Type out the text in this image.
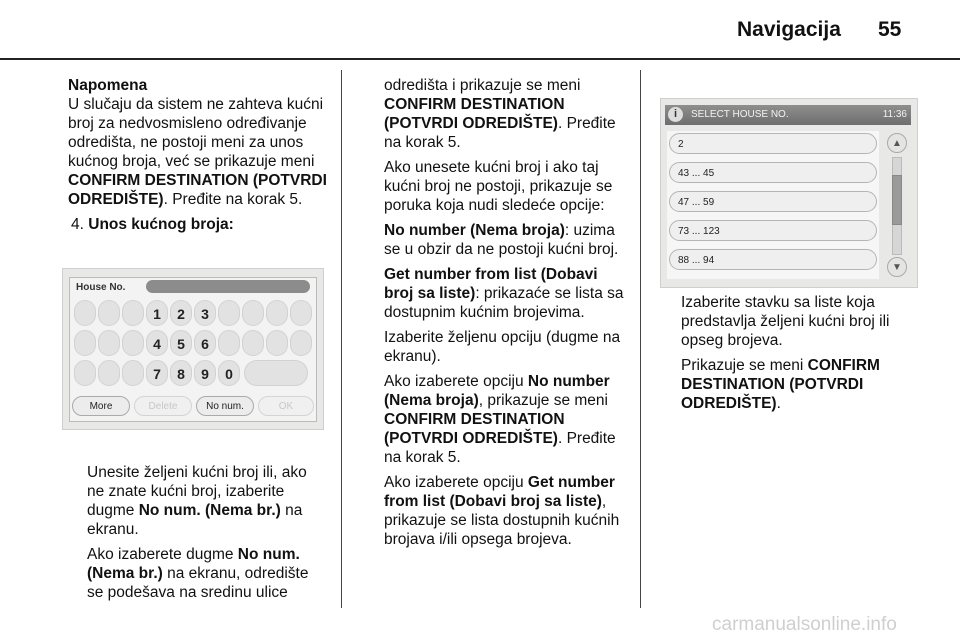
Navigacija 55

Napomena
U slučaju da sistem ne zahteva kućni broj za nedvosmisleno određivanje odredišta, ne postoji meni za unos kućnog broja, već se prikazuje meni CONFIRM DESTINATION (POTVRDI ODREDIŠTE). Pređite na korak 5.

4. Unos kućnog broja:

House No.
1	2	3
4	5	6
7	8	9	0
More	Delete	No num.	OK

Unesite željeni kućni broj ili, ako ne znate kućni broj, izaberite dugme No num. (Nema br.) na ekranu.

Ako izaberete dugme No num. (Nema br.) na ekranu, odredište se podešava na sredinu ulice

odredišta i prikazuje se meni CONFIRM DESTINATION (POTVRDI ODREDIŠTE). Pređite na korak 5.

Ako unesete kućni broj i ako taj kućni broj ne postoji, prikazuje se poruka koja nudi sledeće opcije:

No number (Nema broja): uzima se u obzir da ne postoji kućni broj.

Get number from list (Dobavi broj sa liste): prikazaće se lista sa dostupnim kućnim brojevima.

Izaberite željenu opciju (dugme na ekranu).

Ako izaberete opciju No number (Nema broja), prikazuje se meni CONFIRM DESTINATION (POTVRDI ODREDIŠTE). Pređite na korak 5.

Ako izaberete opciju Get number from list (Dobavi broj sa liste), prikazuje se lista dostupnih kućnih brojava i/ili opsega brojeva.

i	SELECT HOUSE NO.	11:36
2
43 ... 45
47 ... 59
73 ... 123
88 ... 94
▲
▼

Izaberite stavku sa liste koja predstavlja željeni kućni broj ili opseg brojeva.

Prikazuje se meni CONFIRM DESTINATION (POTVRDI ODREDIŠTE).

carmanualsonline.info
